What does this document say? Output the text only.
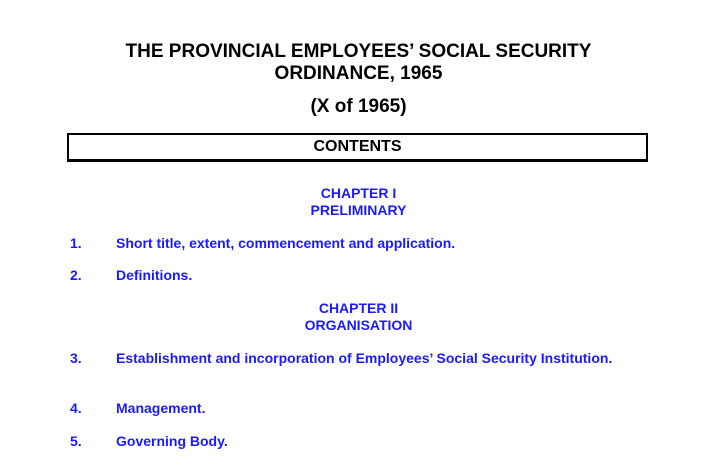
THE PROVINCIAL EMPLOYEES’ SOCIAL SECURITY
ORDINANCE, 1965
(X of 1965)
CONTENTS
CHAPTER I
PRELIMINARY
1. Short title, extent, commencement and application.
2. Definitions.
CHAPTER II
ORGANISATION
3. Establishment and incorporation of Employees’ Social Security Institution.
4. Management.
5. Governing Body.
